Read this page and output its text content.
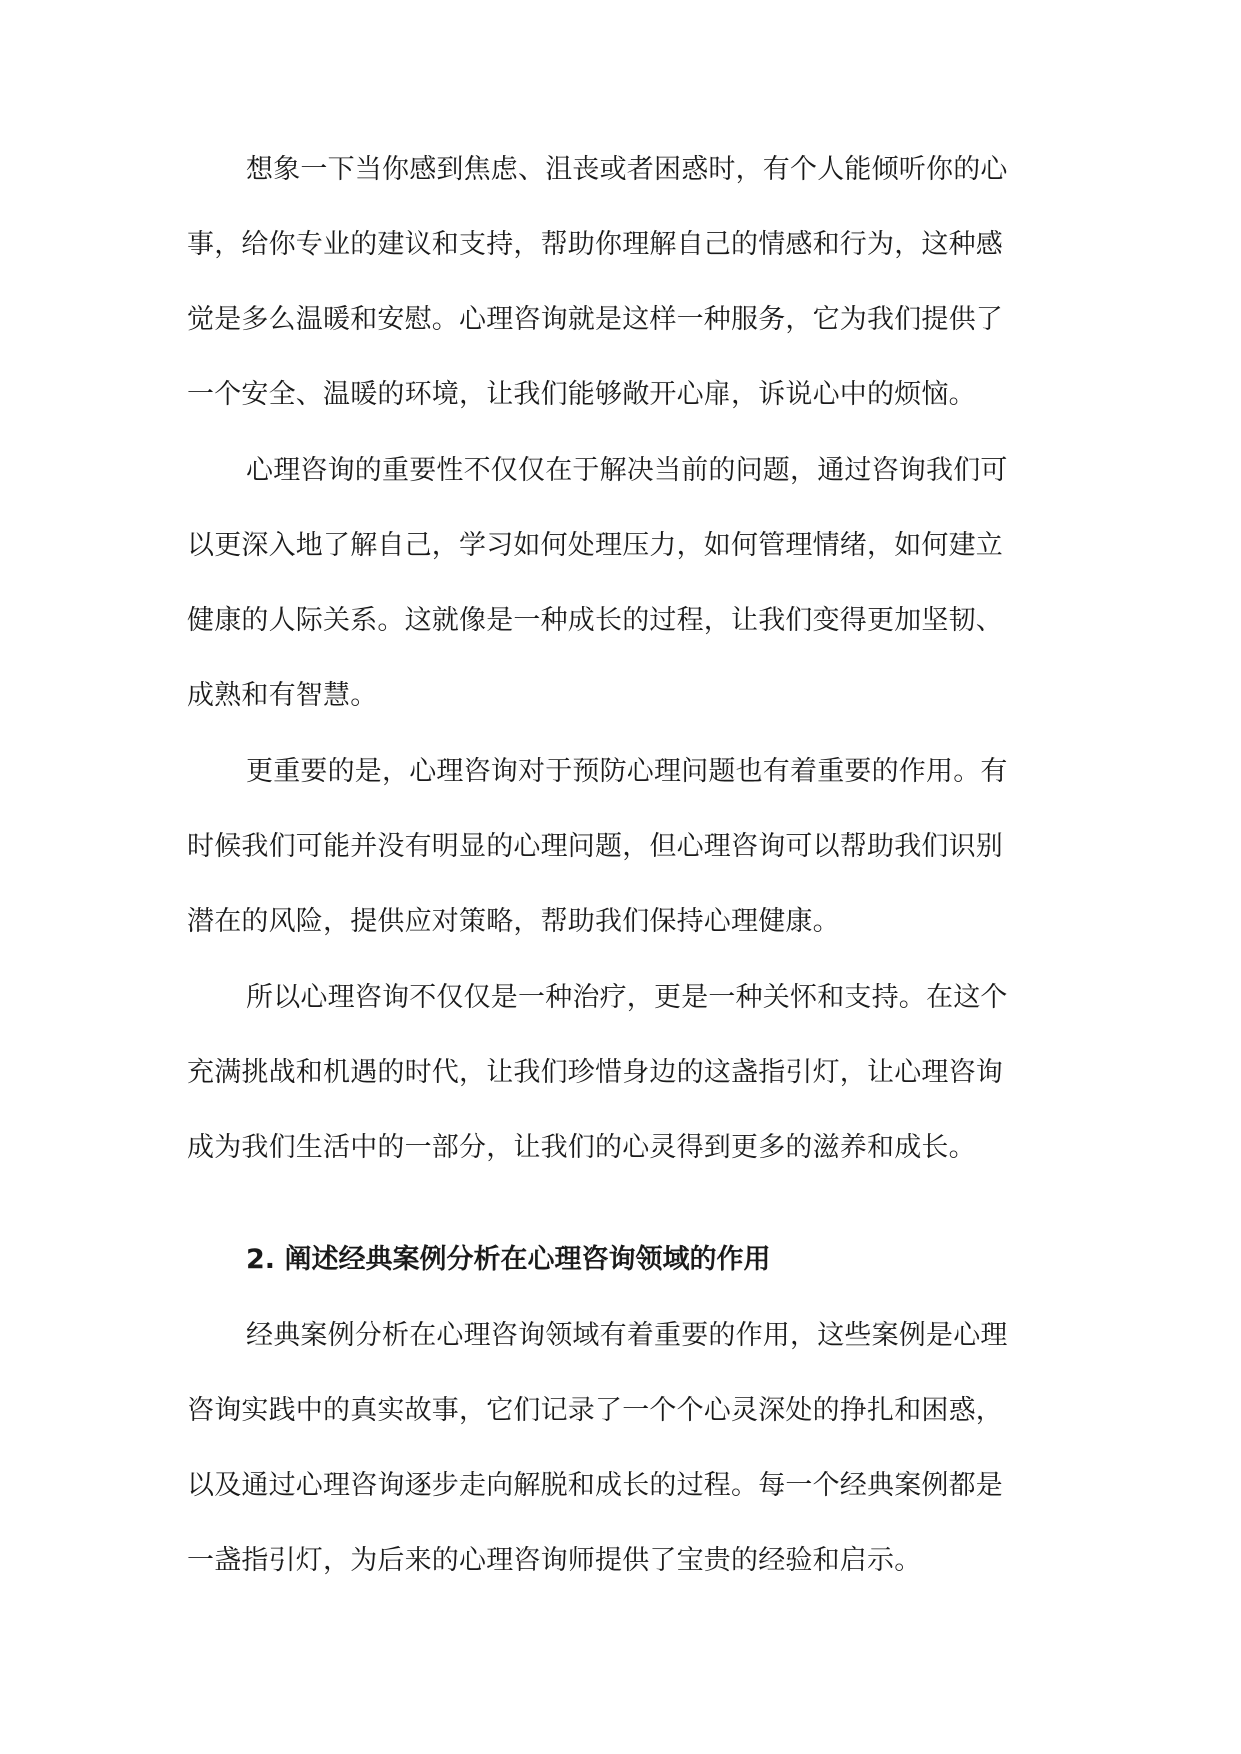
想象一下当你感到焦虑、沮丧或者困惑时，有个人能倾听你的心
事，给你专业的建议和支持，帮助你理解自己的情感和行为，这种感
觉是多么温暖和安慰。心理咨询就是这样一种服务，它为我们提供了
一个安全、温暖的环境，让我们能够敞开心扉，诉说心中的烦恼。
心理咨询的重要性不仅仅在于解决当前的问题，通过咨询我们可
以更深入地了解自己，学习如何处理压力，如何管理情绪，如何建立
健康的人际关系。这就像是一种成长的过程，让我们变得更加坚韧、
成熟和有智慧。
更重要的是，心理咨询对于预防心理问题也有着重要的作用。有
时候我们可能并没有明显的心理问题，但心理咨询可以帮助我们识别
潜在的风险，提供应对策略，帮助我们保持心理健康。
所以心理咨询不仅仅是一种治疗，更是一种关怀和支持。在这个
充满挑战和机遇的时代，让我们珍惜身边的这盏指引灯，让心理咨询
成为我们生活中的一部分，让我们的心灵得到更多的滋养和成长。
2. 阐述经典案例分析在心理咨询领域的作用
经典案例分析在心理咨询领域有着重要的作用，这些案例是心理
咨询实践中的真实故事，它们记录了一个个心灵深处的挣扎和困惑，
以及通过心理咨询逐步走向解脱和成长的过程。每一个经典案例都是
一盏指引灯，为后来的心理咨询师提供了宝贵的经验和启示。
